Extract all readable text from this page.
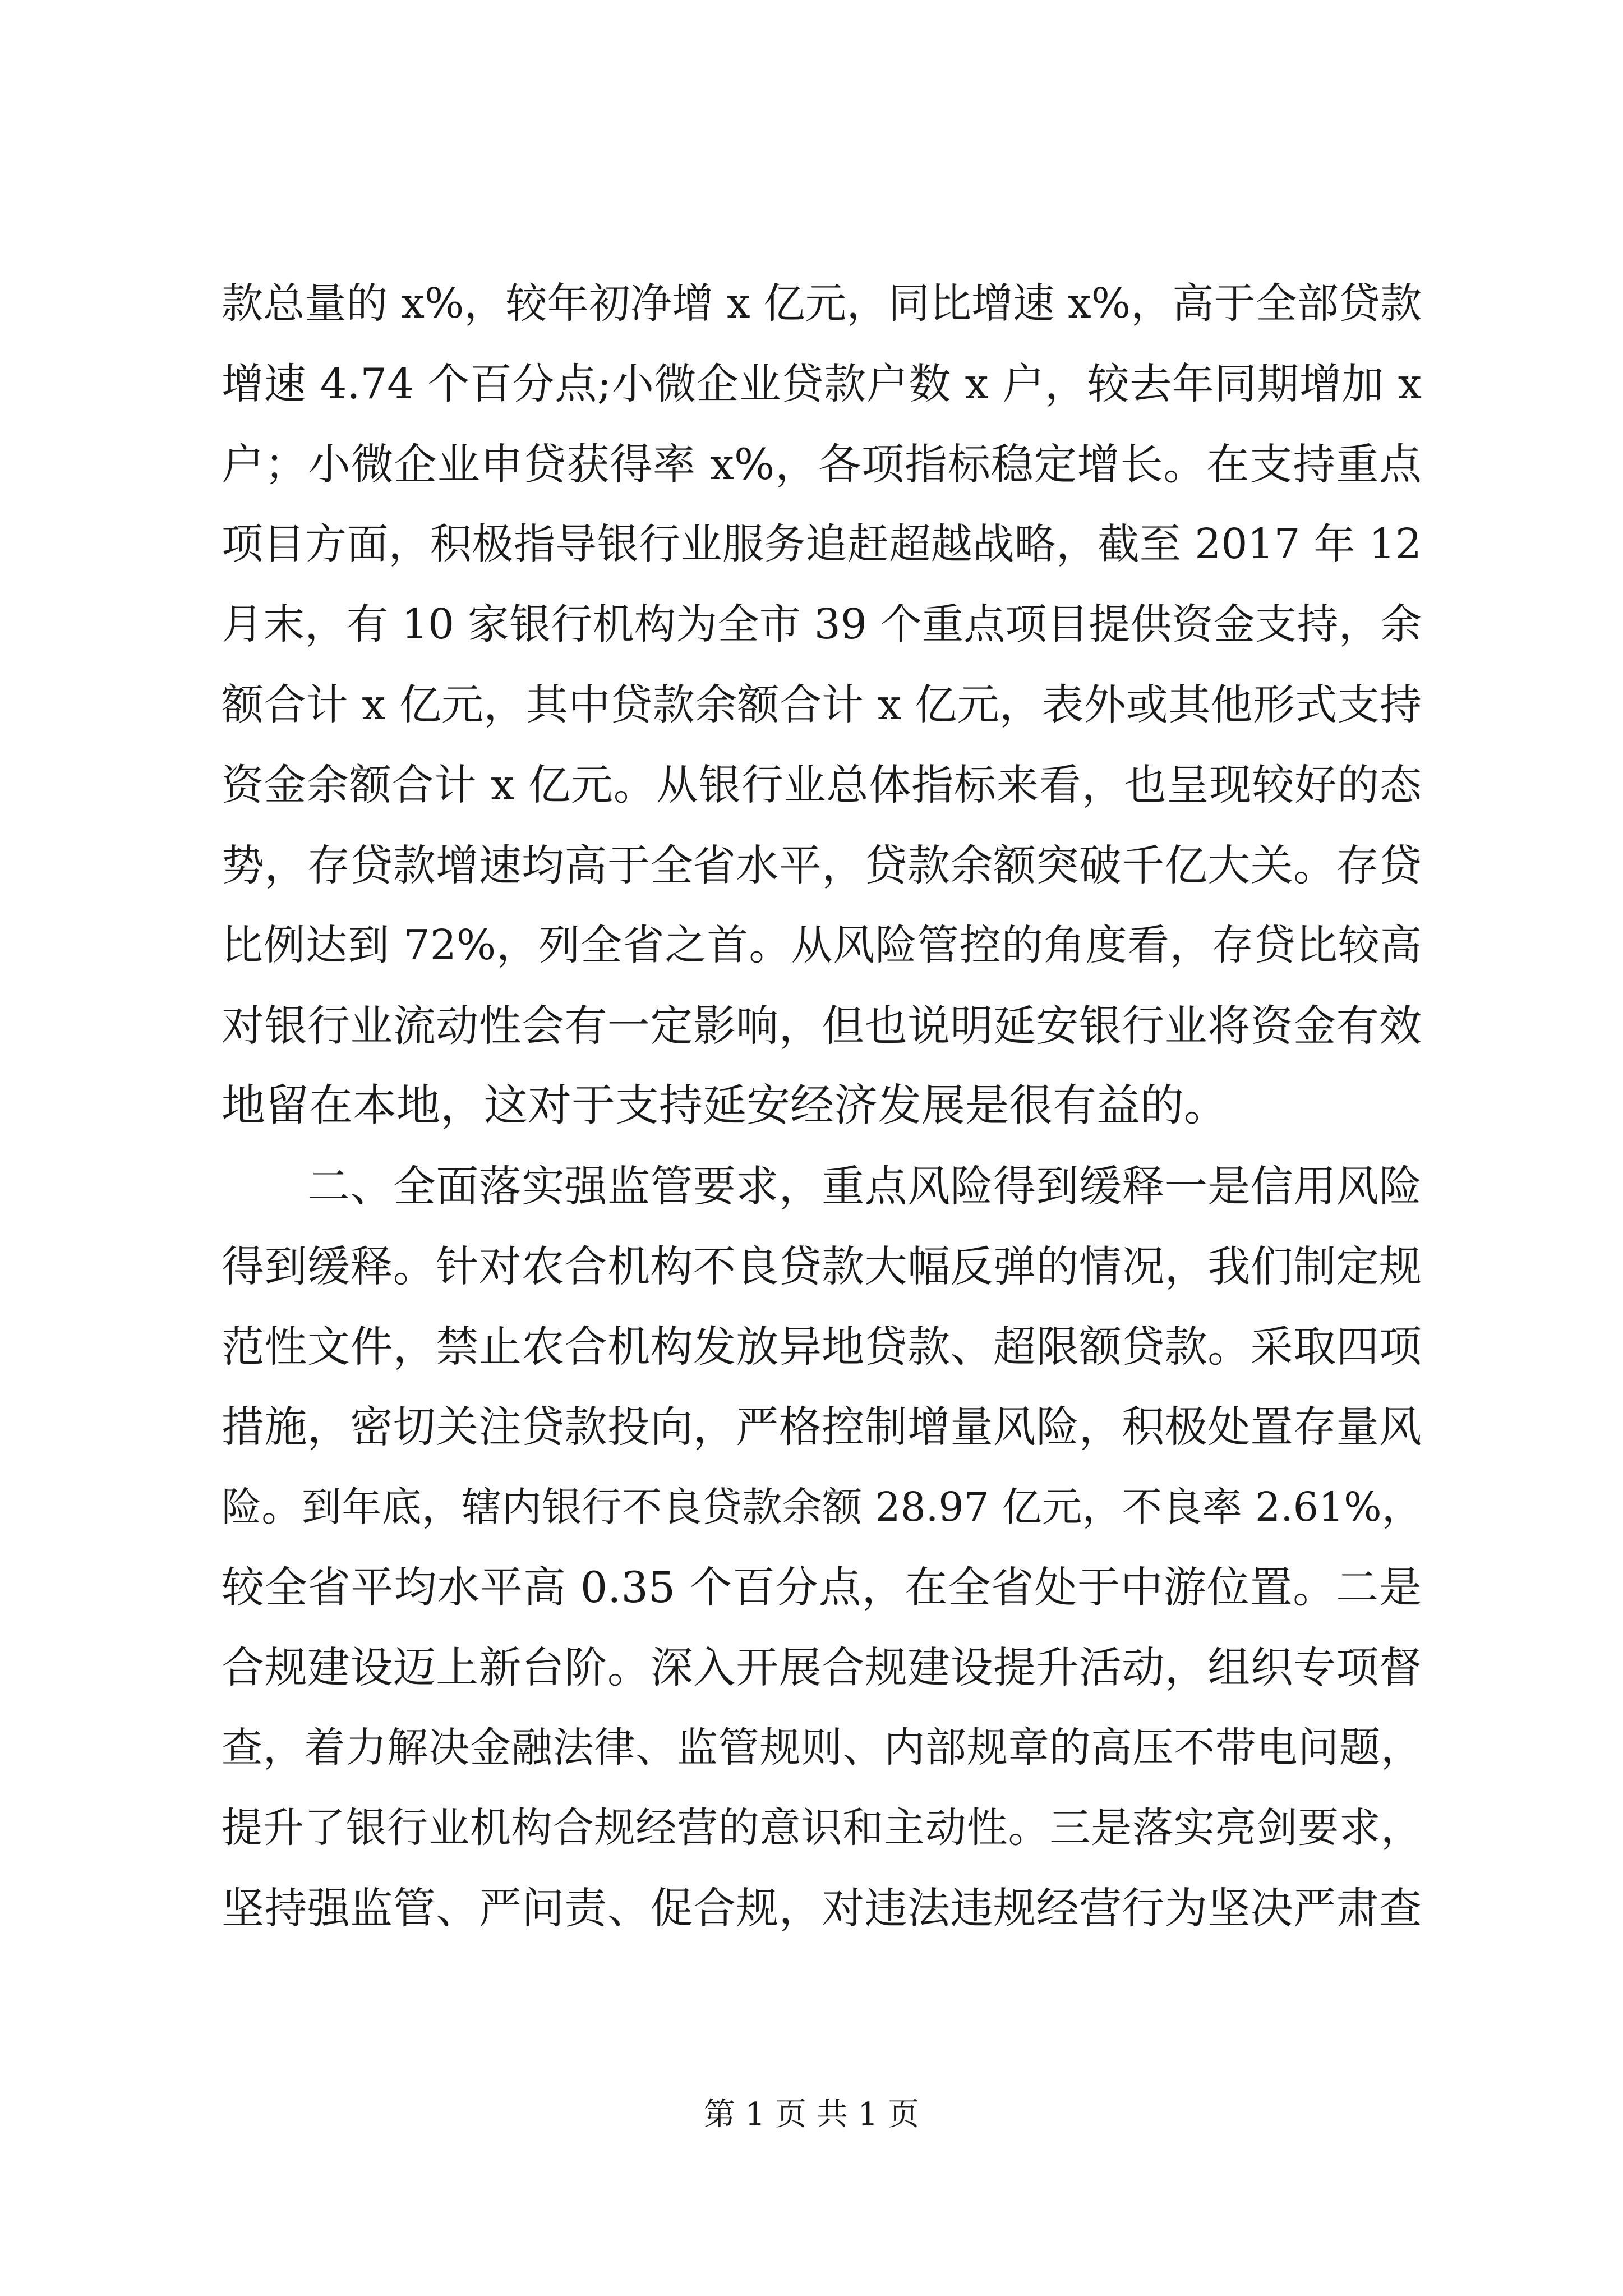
款总量的 x%，较年初净增 x 亿元，同比增速 x%，高于全部贷款
增速 4.74 个百分点;小微企业贷款户数 x 户，较去年同期增加 x
户；小微企业申贷获得率 x%，各项指标稳定增长。在支持重点
项目方面，积极指导银行业服务追赶超越战略，截至 2017 年 12
月末，有 10 家银行机构为全市 39 个重点项目提供资金支持，余
额合计 x 亿元，其中贷款余额合计 x 亿元，表外或其他形式支持
资金余额合计 x 亿元。从银行业总体指标来看，也呈现较好的态
势，存贷款增速均高于全省水平，贷款余额突破千亿大关。存贷
比例达到 72%，列全省之首。从风险管控的角度看，存贷比较高
对银行业流动性会有一定影响，但也说明延安银行业将资金有效
地留在本地，这对于支持延安经济发展是很有益的。
　　二、全面落实强监管要求，重点风险得到缓释一是信用风险
得到缓释。针对农合机构不良贷款大幅反弹的情况，我们制定规
范性文件，禁止农合机构发放异地贷款、超限额贷款。采取四项
措施，密切关注贷款投向，严格控制增量风险，积极处置存量风
险。到年底，辖内银行不良贷款余额 28.97 亿元，不良率 2.61%，
较全省平均水平高 0.35 个百分点，在全省处于中游位置。二是
合规建设迈上新台阶。深入开展合规建设提升活动，组织专项督
查，着力解决金融法律、监管规则、内部规章的高压不带电问题，
提升了银行业机构合规经营的意识和主动性。三是落实亮剑要求，
坚持强监管、严问责、促合规，对违法违规经营行为坚决严肃查
第 1 页 共 1 页
